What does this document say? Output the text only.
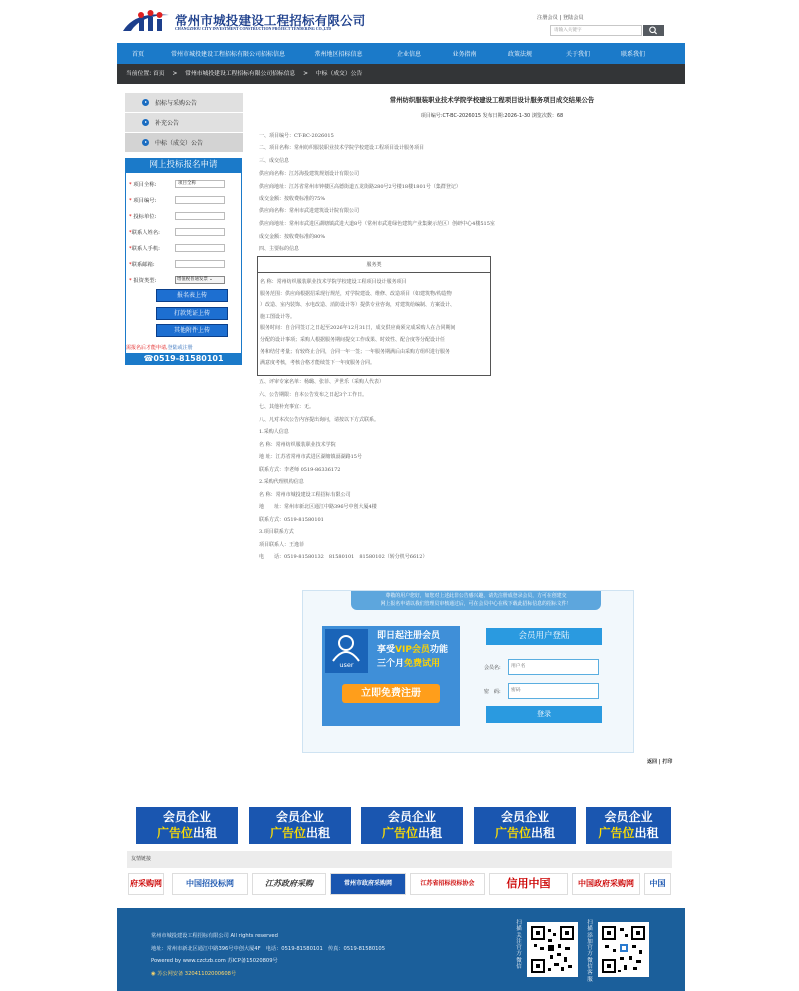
常州市城投建设工程招标有限公司
CHANGZHOU CITY INVESTMENT CONSTRUCTION PROJECT TENDERING CO.,LTD
注册会员 | 登陆会员
请输入关键字
首页	常州市城投建设工程招标有限公司招标信息	常州地区招标信息	企业信息	业务指南	政策法规	关于我们	联系我们
当前位置: 首页 > 常州市城投建设工程招标有限公司招标信息 > 中标（成交）公告
招标与采购公告
补充公告
中标（成交）公告
网上投标报名申请
* 项目全称:	项目全称
* 项目编号:
* 投标单位:
*联系人姓名:
*联系人手机:
*联系邮箱:
* 报资类型:	增值税普通发票 ⌄
报名表上传
打款凭证上传
其他附件上传
需报名后才能申请,登陆或注册
☎0519-81580101
常州纺织服装职业技术学院学校建设工程项目设计服务项目成交结果公告
项目编号:CT-BC-2026015 发布日期:2026-1-30 浏览次数：68
一、项目编号：CT-BC-2026015
二、项目名称：常州纺织服装职业技术学院学校建设工程项目设计服务项目
三、成交信息
供应商名称：江苏海投建筑规划设计有限公司
供应商地址：江苏省常州市钟楼区高德街道五龙街路280号2号楼18楼1801号（集群登记）
成交金额：按收费标准的75%
供应商名称：常州市武进建筑设计院有限公司
供应商地址：常州市武进区湖塘镇武进大道8号（常州市武进绿色建筑产业集聚示范区）创研中心4楼515室
成交金额：按收费标准的80%
四、主要标的信息
服务类
名 称：常州纺织服装职业技术学院学校建设工程项目设计服务项目
服务范围：供应商根据招采现行规范，对学院建设、维修、改造项目（如建筑物/构造物
）改造、室内装饰、水电改造、消防设计等）提供专业咨询，对建筑给编制、方案设计、
施工图设计等。
服务时间：自合同签订之日起至2026年12月31日，成交供应商须完成采购人在合同期间
分配的设计事项；采购人根据服务期间提交工作成果、时效性、配合度等分配设计任
务和结付考量；有较终止合同，合同一年一签；一年服务期满后由采购方组织进行服务
满意度考核，考核合格才能续签下一年度服务合同。
五、评审专家名单：杨璐、张菲、尹世乐（采购人代表）
六、公告期限：自本公告发布之日起3个工作日。
七、其他补充事宜：无。
八、凡对本次公告内容提出询问，请按以下方式联系。
1.采购人信息
名 称：常州纺织服装职业技术学院
地 址：江苏省常州市武进区湖塘镇滆湖路15号
联系方式：李老师 0519-86336172
2.采购代理机构信息
名 称：常州市城投建设工程招标有限公司
地　　址：常州市新北区通江中路396号中创大厦4楼
联系方式：0519-81580101
3.项目联系方式
项目联系人：王逸菲
电　　话：0519-81580132　81580101　81580102（转分机号6612）
尊敬的用户您好，如您对上述此非公告感兴趣，请先注册成登录会员，方可在创建交
网上报名申请以我们管理员审核通过后，可在会员中心在线下载此招标信息的招标文件！
user
即日起注册会员
享受VIP会员功能
三个月免费试用
立即免费注册
会员用户登陆
会员名:	用户名
密　码:	密码
登录
返回 | 打印
会员企业
广告位出租
会员企业
广告位出租
会员企业
广告位出租
会员企业
广告位出租
会员企业
广告位出租
友情链接
府采购网	中国招投标网	江苏政府采购	常州市政府采购网	江苏省招标投标协会	信用中国	中国政府采购网	中国
常州市城投建设工程招标有限公司 All rights reserved
地址：常州市新北区通江中路396号中创大厦4F　电话：0519-81580101　传真：0519-81580105
Powered by www.czctzb.com 苏ICP备15020809号
◉ 苏公网安备 32041102000608号
扫描关注官方微信
扫描添加官方微信客服
